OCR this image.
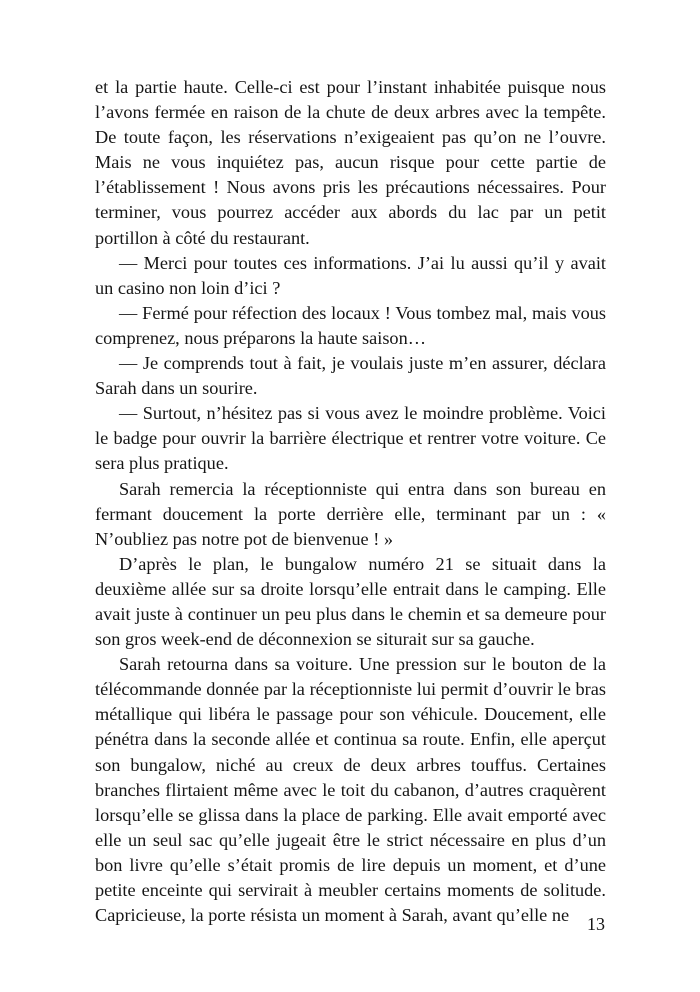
et la partie haute. Celle-ci est pour l’instant inhabitée puisque nous l’avons fermée en raison de la chute de deux arbres avec la tempête. De toute façon, les réservations n’exigeaient pas qu’on ne l’ouvre. Mais ne vous inquiétez pas, aucun risque pour cette partie de l’établissement ! Nous avons pris les précautions nécessaires. Pour terminer, vous pourrez accéder aux abords du lac par un petit portillon à côté du restaurant.

— Merci pour toutes ces informations. J’ai lu aussi qu’il y avait un casino non loin d’ici ?

— Fermé pour réfection des locaux ! Vous tombez mal, mais vous comprenez, nous préparons la haute saison…

— Je comprends tout à fait, je voulais juste m’en assurer, déclara Sarah dans un sourire.

— Surtout, n’hésitez pas si vous avez le moindre problème. Voici le badge pour ouvrir la barrière électrique et rentrer votre voiture. Ce sera plus pratique.

Sarah remercia la réceptionniste qui entra dans son bureau en fermant doucement la porte derrière elle, terminant par un : « N’oubliez pas notre pot de bienvenue ! »

D’après le plan, le bungalow numéro 21 se situait dans la deuxième allée sur sa droite lorsqu’elle entrait dans le camping. Elle avait juste à continuer un peu plus dans le chemin et sa demeure pour son gros week-end de déconnexion se siturait sur sa gauche.

Sarah retourna dans sa voiture. Une pression sur le bouton de la télécommande donnée par la réceptionniste lui permit d’ouvrir le bras métallique qui libéra le passage pour son véhicule. Doucement, elle pénétra dans la seconde allée et continua sa route. Enfin, elle aperçut son bungalow, niché au creux de deux arbres touffus. Certaines branches flirtaient même avec le toit du cabanon, d’autres craquèrent lorsqu’elle se glissa dans la place de parking. Elle avait emporté avec elle un seul sac qu’elle jugeait être le strict nécessaire en plus d’un bon livre qu’elle s’était promis de lire depuis un moment, et d’une petite enceinte qui servirait à meubler certains moments de solitude. Capricieuse, la porte résista un moment à Sarah, avant qu’elle ne 13
